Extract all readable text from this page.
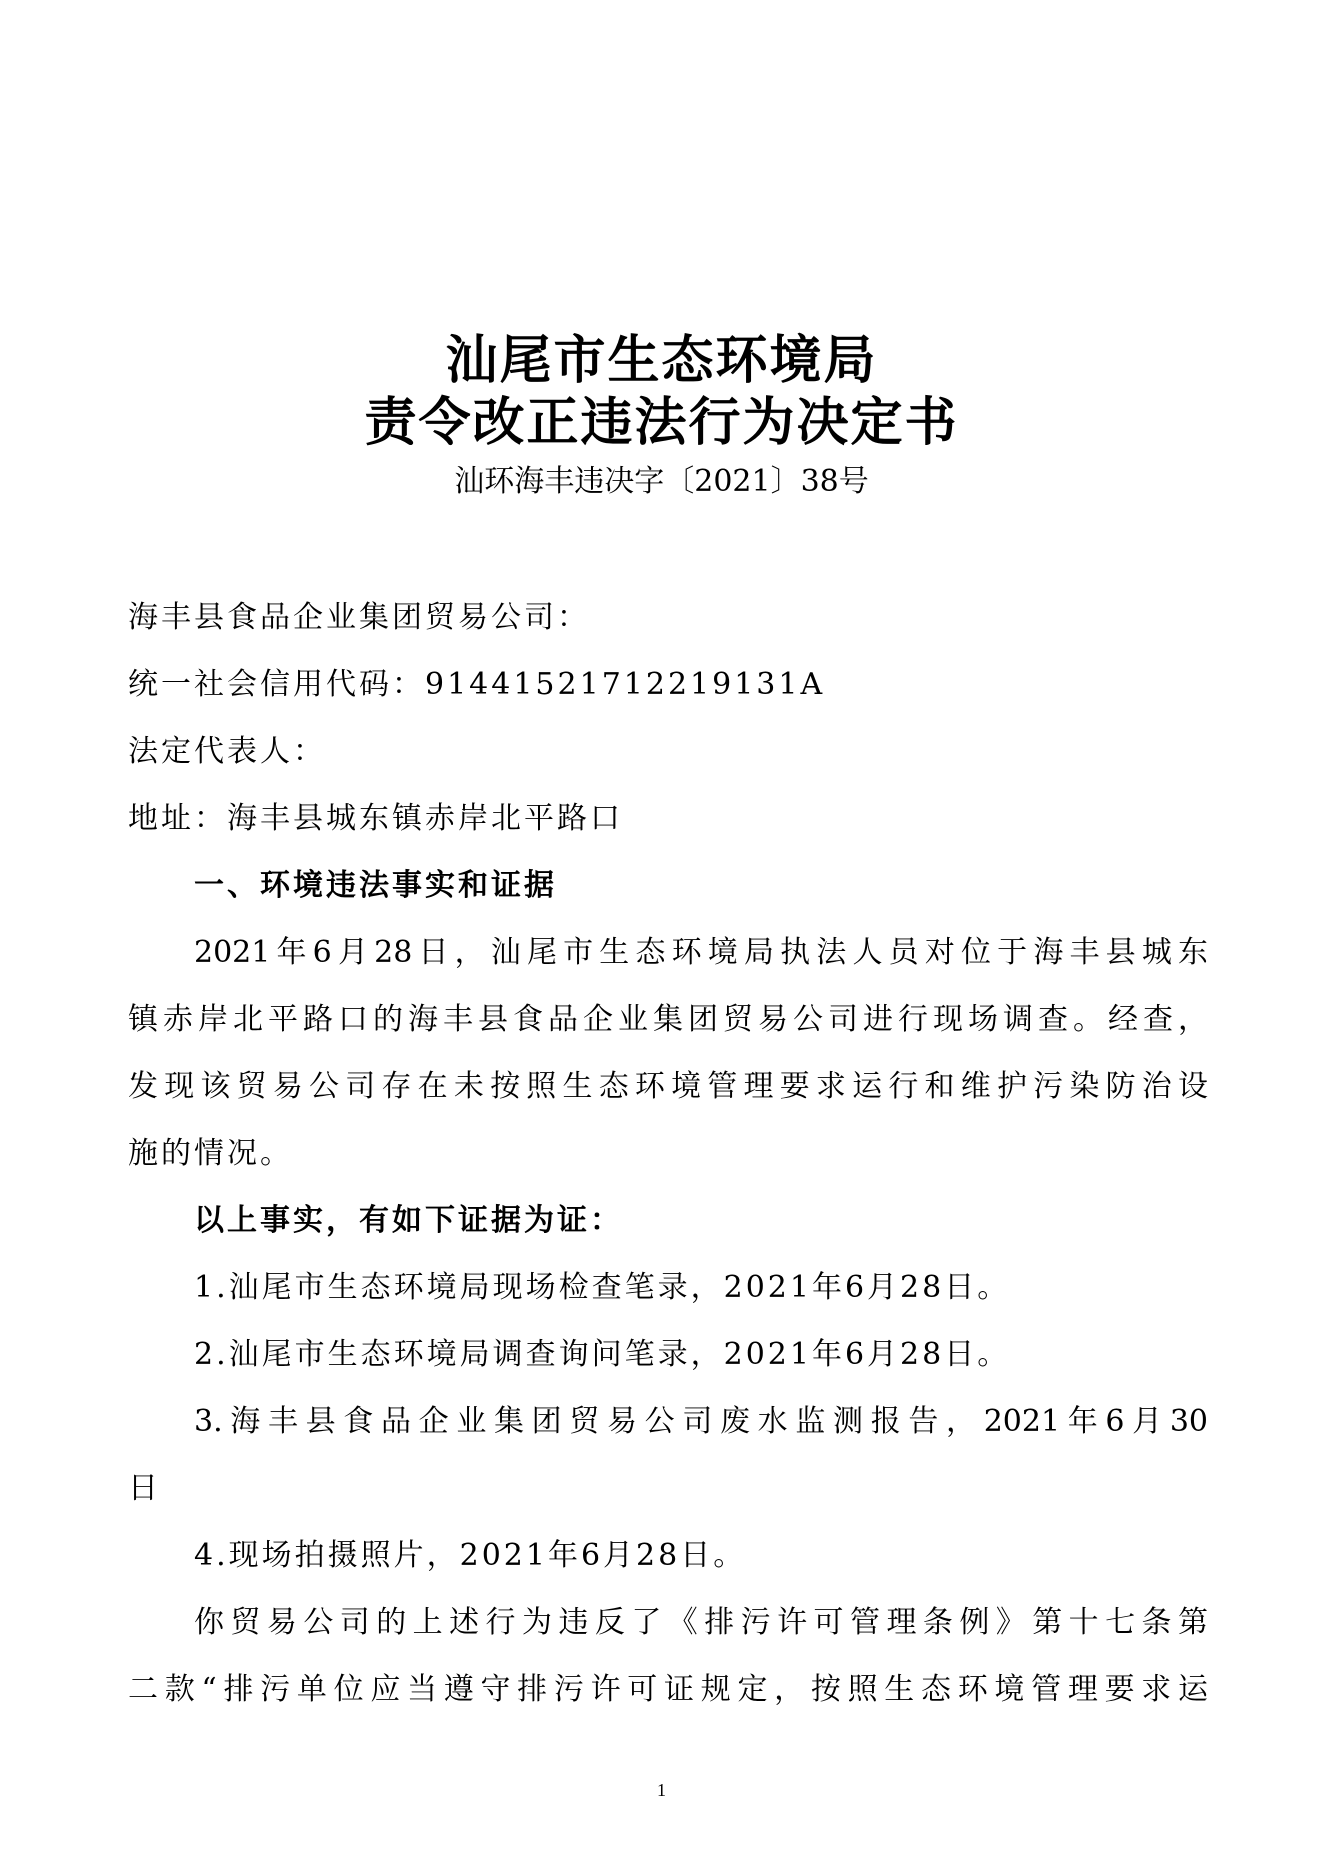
汕尾市生态环境局
责令改正违法行为决定书
汕环海丰违决字〔2021〕38号
海丰县食品企业集团贸易公司：
统一社会信用代码：91441521712219131A
法定代表人：
地址：海丰县城东镇赤岸北平路口
一、环境违法事实和证据
2021年6月28日，汕尾市生态环境局执法人员对位于海丰县城东
镇赤岸北平路口的海丰县食品企业集团贸易公司进行现场调查。经查，
发现该贸易公司存在未按照生态环境管理要求运行和维护污染防治设
施的情况。
以上事实，有如下证据为证：
1.汕尾市生态环境局现场检查笔录，2021年6月28日。
2.汕尾市生态环境局调查询问笔录，2021年6月28日。
3.海丰县食品企业集团贸易公司废水监测报告，2021年6月30
日
4.现场拍摄照片，2021年6月28日。
你贸易公司的上述行为违反了《排污许可管理条例》第十七条第
二款“排污单位应当遵守排污许可证规定，按照生态环境管理要求运
1
